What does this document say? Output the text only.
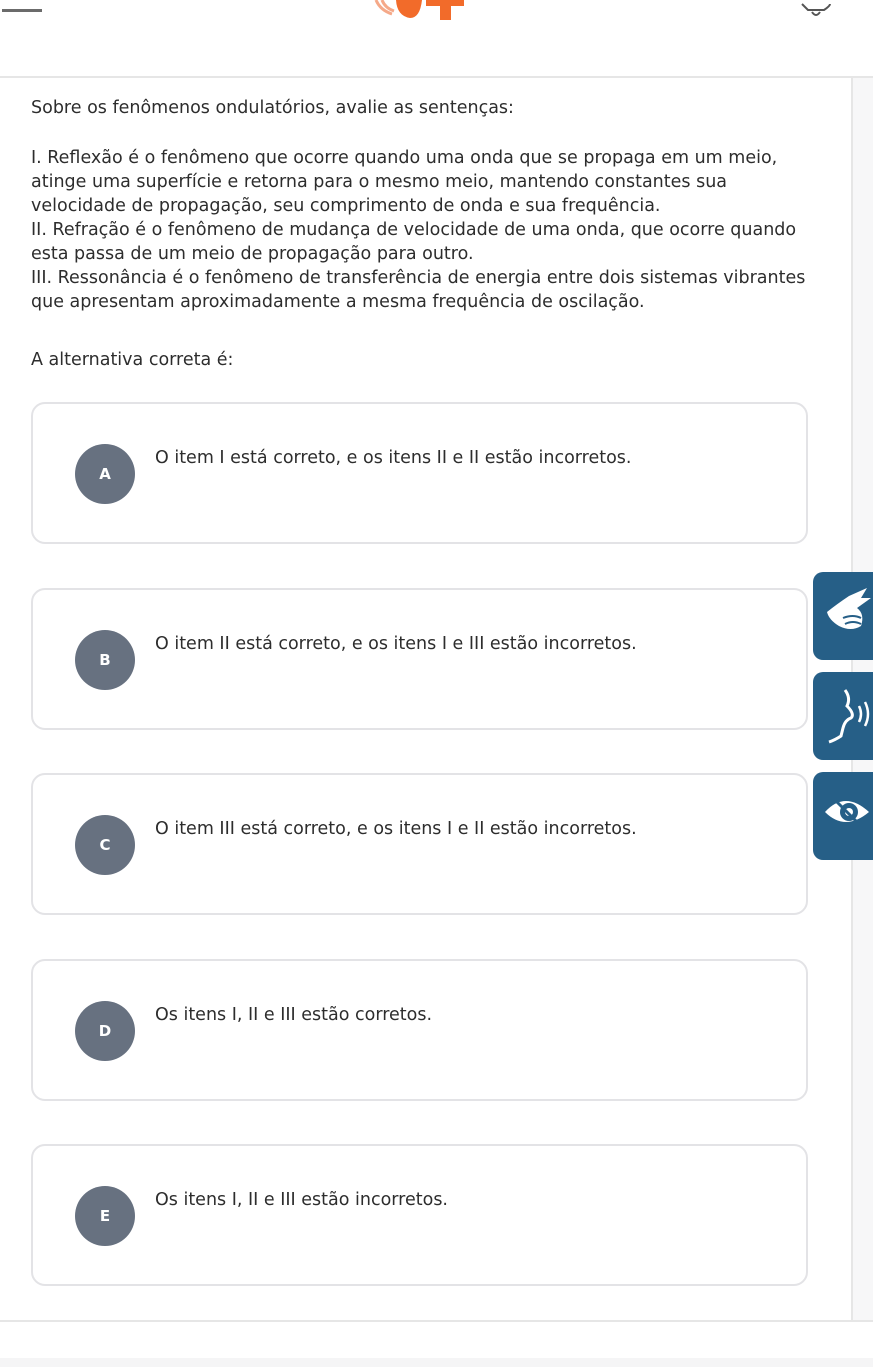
Sobre os fenômenos ondulatórios, avalie as sentenças:

I. Reflexão é o fenômeno que ocorre quando uma onda que se propaga em um meio, atinge uma superfície e retorna para o mesmo meio, mantendo constantes sua velocidade de propagação, seu comprimento de onda e sua frequência.

II. Refração é o fenômeno de mudança de velocidade de uma onda, que ocorre quando esta passa de um meio de propagação para outro.

III. Ressonância é o fenômeno de transferência de energia entre dois sistemas vibrantes que apresentam aproximadamente a mesma frequência de oscilação.

A alternativa correta é:

A
O item I está correto, e os itens II e II estão incorretos.
B
O item II está correto, e os itens I e III estão incorretos.
C
O item III está correto, e os itens I e II estão incorretos.
D
Os itens I, II e III estão corretos.
E
Os itens I, II e III estão incorretos.
